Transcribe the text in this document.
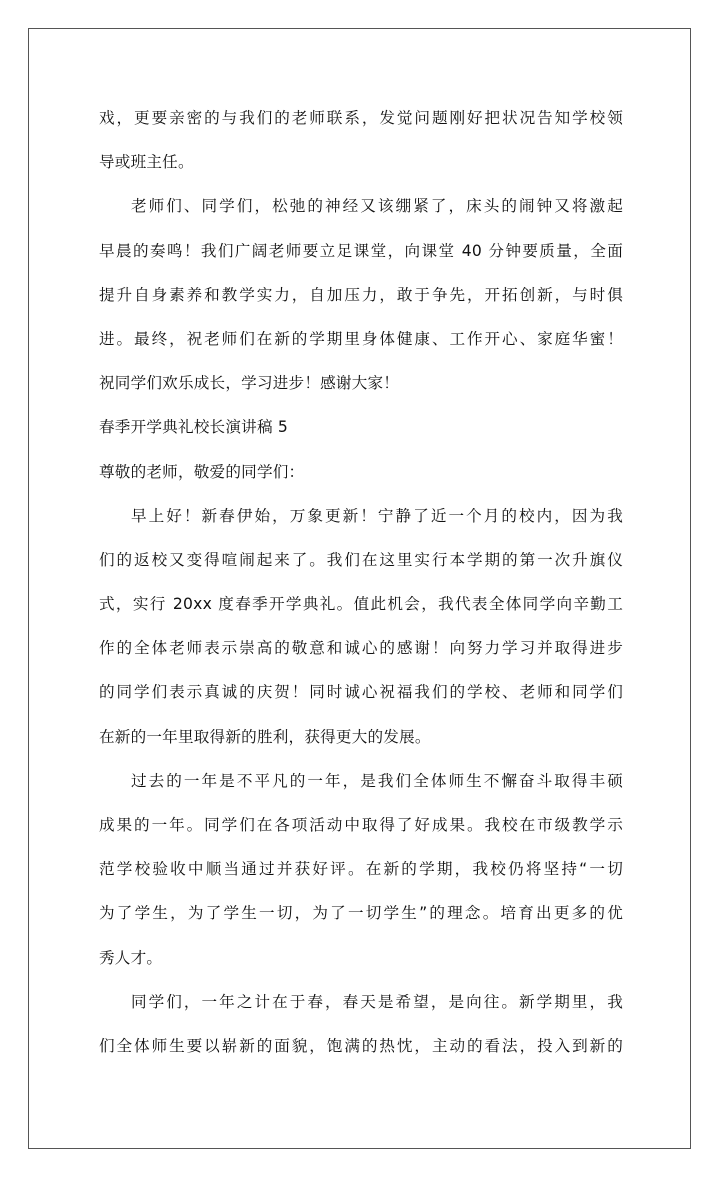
戏，更要亲密的与我们的老师联系，发觉问题刚好把状况告知学校领
导或班主任。
老师们、同学们，松弛的神经又该绷紧了，床头的闹钟又将激起
早晨的奏鸣！我们广阔老师要立足课堂，向课堂 40 分钟要质量，全面
提升自身素养和教学实力，自加压力，敢于争先，开拓创新，与时俱
进。最终，祝老师们在新的学期里身体健康、工作开心、家庭华蜜！
祝同学们欢乐成长，学习进步！感谢大家！
春季开学典礼校长演讲稿 5
尊敬的老师，敬爱的同学们：
早上好！新春伊始，万象更新！宁静了近一个月的校内，因为我
们的返校又变得喧闹起来了。我们在这里实行本学期的第一次升旗仪
式，实行 20xx 度春季开学典礼。值此机会，我代表全体同学向辛勤工
作的全体老师表示崇高的敬意和诚心的感谢！向努力学习并取得进步
的同学们表示真诚的庆贺！同时诚心祝福我们的学校、老师和同学们
在新的一年里取得新的胜利，获得更大的发展。
过去的一年是不平凡的一年，是我们全体师生不懈奋斗取得丰硕
成果的一年。同学们在各项活动中取得了好成果。我校在市级教学示
范学校验收中顺当通过并获好评。在新的学期，我校仍将坚持“一切
为了学生，为了学生一切，为了一切学生”的理念。培育出更多的优
秀人才。
同学们，一年之计在于春，春天是希望，是向往。新学期里，我
们全体师生要以崭新的面貌，饱满的热忱，主动的看法，投入到新的
